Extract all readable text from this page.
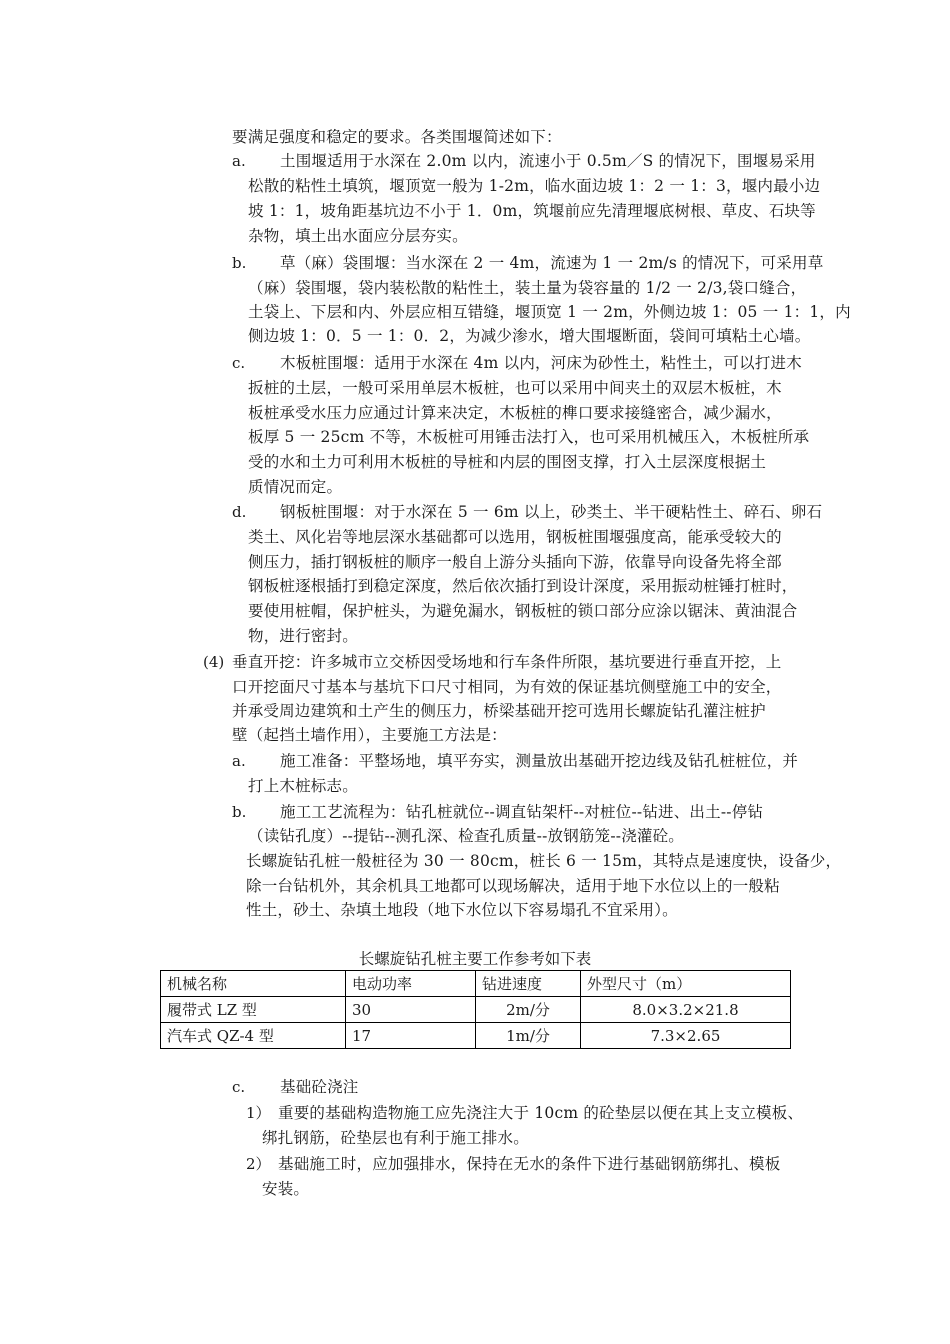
要满足强度和稳定的要求。各类围堰简述如下：
a. 土围堰适用于水深在 2.0m 以内，流速小于 0.5m／S 的情况下，围堰易采用
松散的粘性土填筑，堰顶宽一般为 1-2m，临水面边坡 1：2 一 1：3，堰内最小边
坡 1：1，坡角距基坑边不小于 1．0m，筑堰前应先清理堰底树根、草皮、石块等
杂物，填土出水面应分层夯实。
b. 草（麻）袋围堰：当水深在 2 一 4m，流速为 1 一 2m/s 的情况下，可采用草
（麻）袋围堰，袋内装松散的粘性土，装土量为袋容量的 1/2 一 2/3,袋口缝合，
土袋上、下层和内、外层应相互错缝，堰顶宽 1 一 2m，外侧边坡 1：05 一 1：1，内
侧边坡 1：0．5 一 1：0．2，为减少渗水，增大围堰断面，袋间可填粘土心墙。
c. 木板桩围堰：适用于水深在 4m 以内，河床为砂性土，粘性土，可以打进木
扳桩的土层，一般可采用单层木板桩，也可以采用中间夹土的双层木板桩，木
板桩承受水压力应通过计算来决定，木板桩的榫口要求接缝密合，减少漏水，
板厚 5 一 25cm 不等，木板桩可用锤击法打入，也可采用机械压入，木板桩所承
受的水和土力可利用木板桩的导桩和内层的围囹支撑，打入土层深度根据土
质情况而定。
d. 钢板桩围堰：对于水深在 5 一 6m 以上，砂类土、半干硬粘性土、碎石、卵石
类土、风化岩等地层深水基础都可以选用，钢板桩围堰强度高，能承受较大的
侧压力，插打钢板桩的顺序一般自上游分头插向下游，依靠导向设备先将全部
钢板桩逐根插打到稳定深度，然后依次插打到设计深度，采用振动桩锤打桩时，
要使用桩帽，保护桩头，为避免漏水，钢板桩的锁口部分应涂以锯沫、黄油混合
物，进行密封。
(4) 垂直开挖：许多城市立交桥因受场地和行车条件所限，基坑要进行垂直开挖，上
口开挖面尺寸基本与基坑下口尺寸相同，为有效的保证基坑侧壁施工中的安全，
并承受周边建筑和土产生的侧压力，桥梁基础开挖可选用长螺旋钻孔灌注桩护
壁（起挡土墙作用），主要施工方法是：
a. 施工准备：平整场地，填平夯实，测量放出基础开挖边线及钻孔桩桩位，并
打上木桩标志。
b. 施工工艺流程为：钻孔桩就位--调直钻架杆--对桩位--钻进、出土--停钻
（读钻孔度）--提钻--测孔深、检查孔质量--放钢筋笼--浇灌砼。
长螺旋钻孔桩一般桩径为 30 一 80cm，桩长 6 一 15m，其特点是速度快，设备少，
除一台钻机外，其余机具工地都可以现场解决，适用于地下水位以上的一般粘
性土，砂土、杂填土地段（地下水位以下容易塌孔不宜采用）。
长螺旋钻孔桩主要工作参考如下表
机械名称	电动功率	钻进速度	外型尺寸（m）
履带式 LZ 型	30	2m/分	8.0×3.2×21.8
汽车式 QZ-4 型	17	1m/分	7.3×2.65
c. 基础砼浇注
1） 重要的基础构造物施工应先浇注大于 10cm 的砼垫层以便在其上支立模板、
绑扎钢筋，砼垫层也有利于施工排水。
2） 基础施工时，应加强排水，保持在无水的条件下进行基础钢筋绑扎、模板
安装。
